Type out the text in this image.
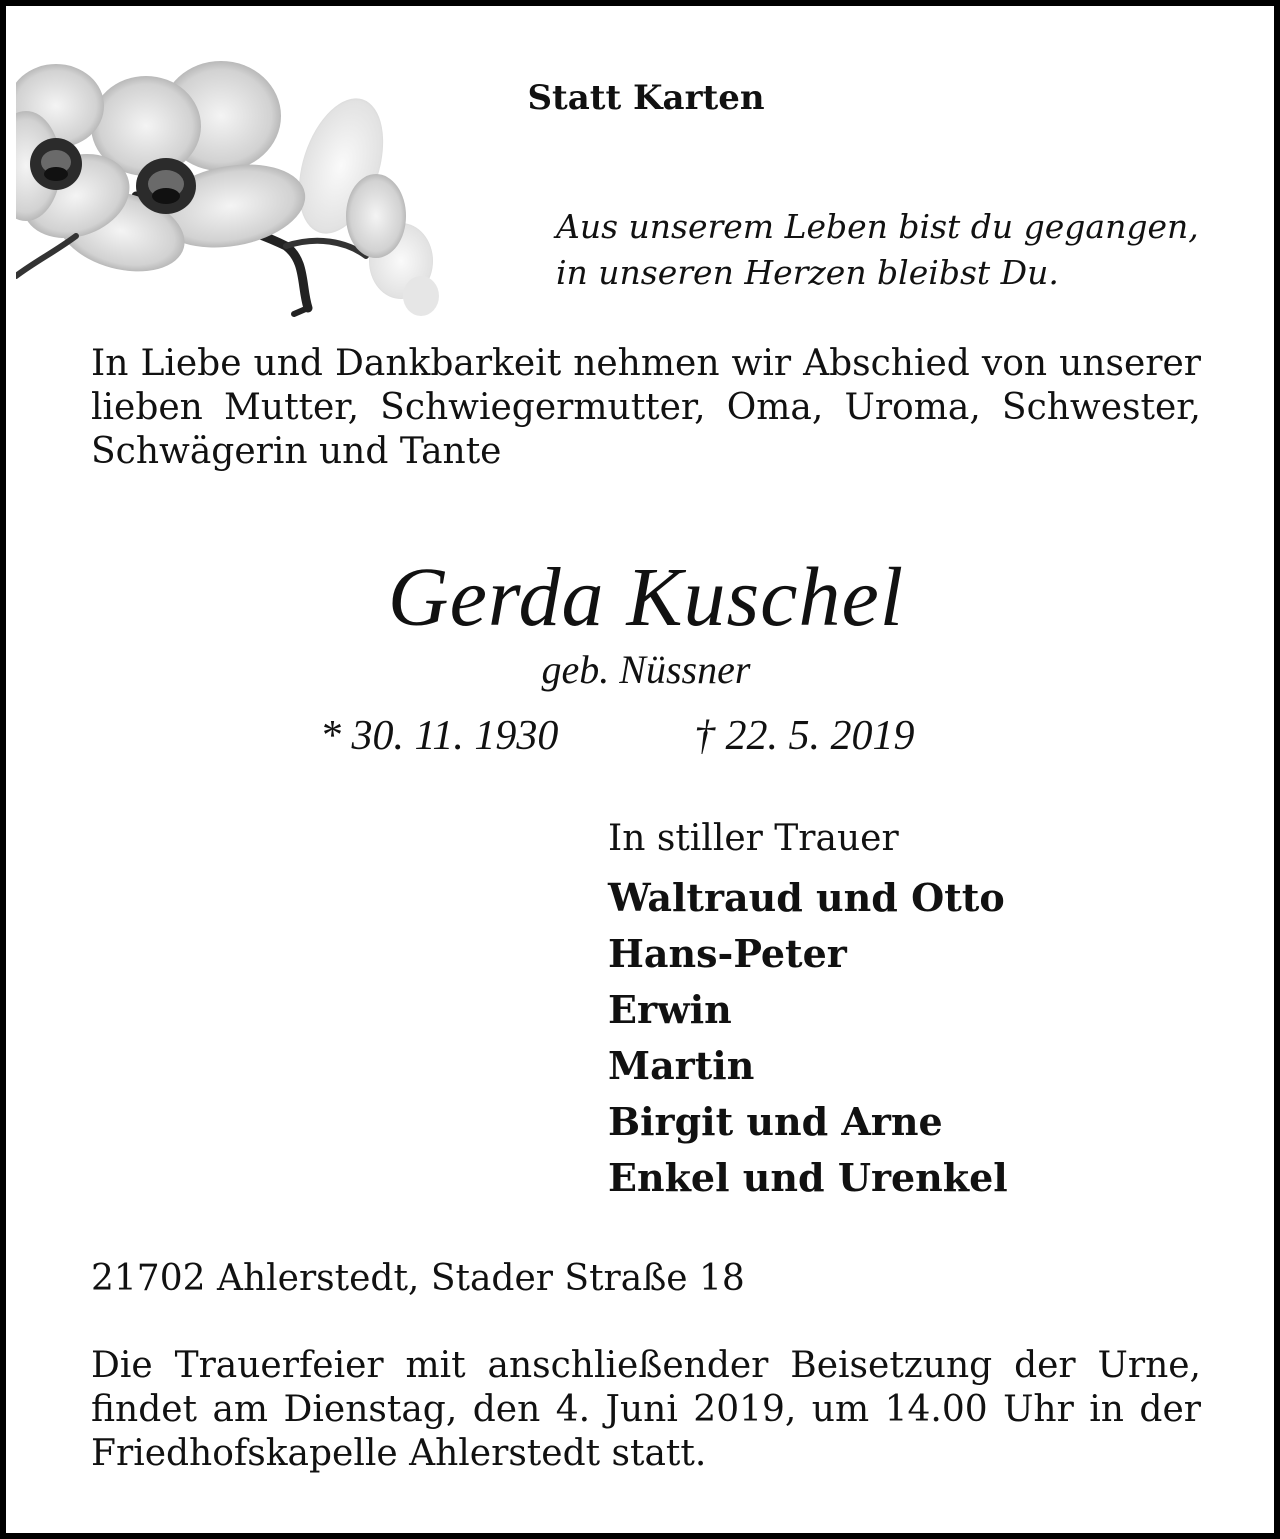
Statt Karten
Aus unserem Leben bist du gegangen,
in unseren Herzen bleibst Du.

In Liebe und Dankbarkeit nehmen wir Abschied von unserer lieben Mutter, Schwiegermutter, Oma, Uroma, Schwester, Schwägerin und Tante

Gerda Kuschel
geb. Nüssner
* 30. 11. 1930	† 22. 5. 2019
In stiller Trauer
Waltraud und Otto
Hans-Peter
Erwin
Martin
Birgit und Arne
Enkel und Urenkel
21702 Ahlerstedt, Stader Straße 18

Die Trauerfeier mit anschließender Beisetzung der Urne, findet am Dienstag, den 4. Juni 2019, um 14.00 Uhr in der Friedhofskapelle Ahlerstedt statt.
